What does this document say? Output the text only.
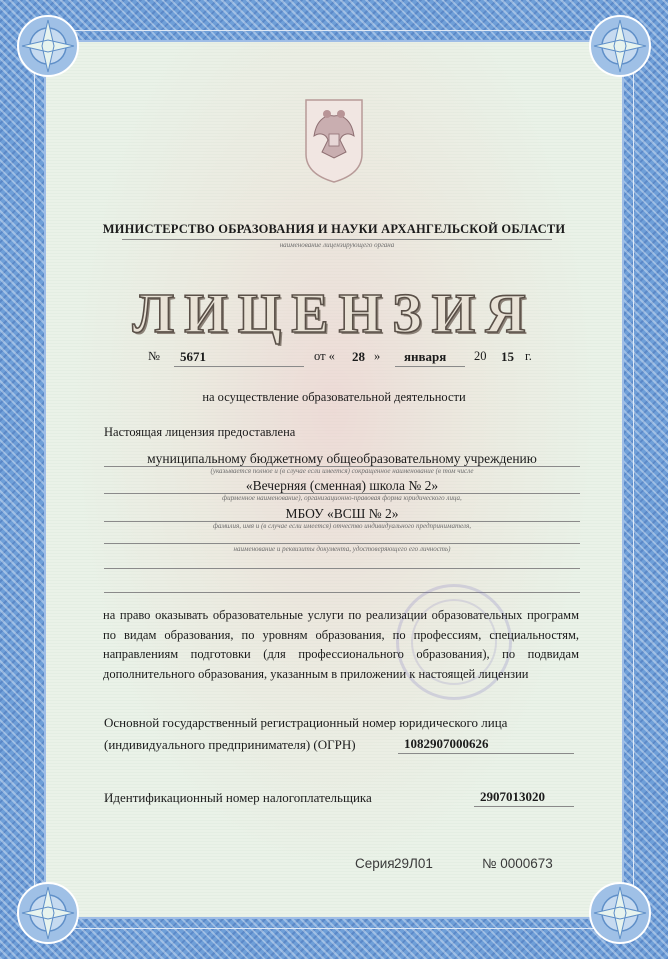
МИНИСТЕРСТВО ОБРАЗОВАНИЯ И НАУКИ АРХАНГЕЛЬСКОЙ ОБЛАСТИ
наименование лицензирующего органа
ЛИЦЕНЗИЯ
№ 5671	от « 28 » января 20 15 г.
на осуществление образовательной деятельности
Настоящая лицензия предоставлена
муниципальному бюджетному общеобразовательному учреждению
(указывается полное и (в случае если имеется) сокращенное наименование (в том числе
«Вечерняя (сменная) школа № 2»
фирменное наименование), организационно-правовая форма юридического лица,
МБОУ «ВСШ № 2»
фамилия, имя и (в случае если имеется) отчество индивидуального предпринимателя,
наименование и реквизиты документа, удостоверяющего его личность)
на право оказывать образовательные услуги по реализации образовательных программ по видам образования, по уровням образования, по профессиям, специальностям, направлениям подготовки (для профессионального образования), по подвидам дополнительного образования, указанным в приложении к настоящей лицензии
Основной государственный регистрационный номер юридического лица
(индивидуального предпринимателя) (ОГРН)	1082907000626
Идентификационный номер налогоплательщика	2907013020
Серия 29Л01	№ 0000673
